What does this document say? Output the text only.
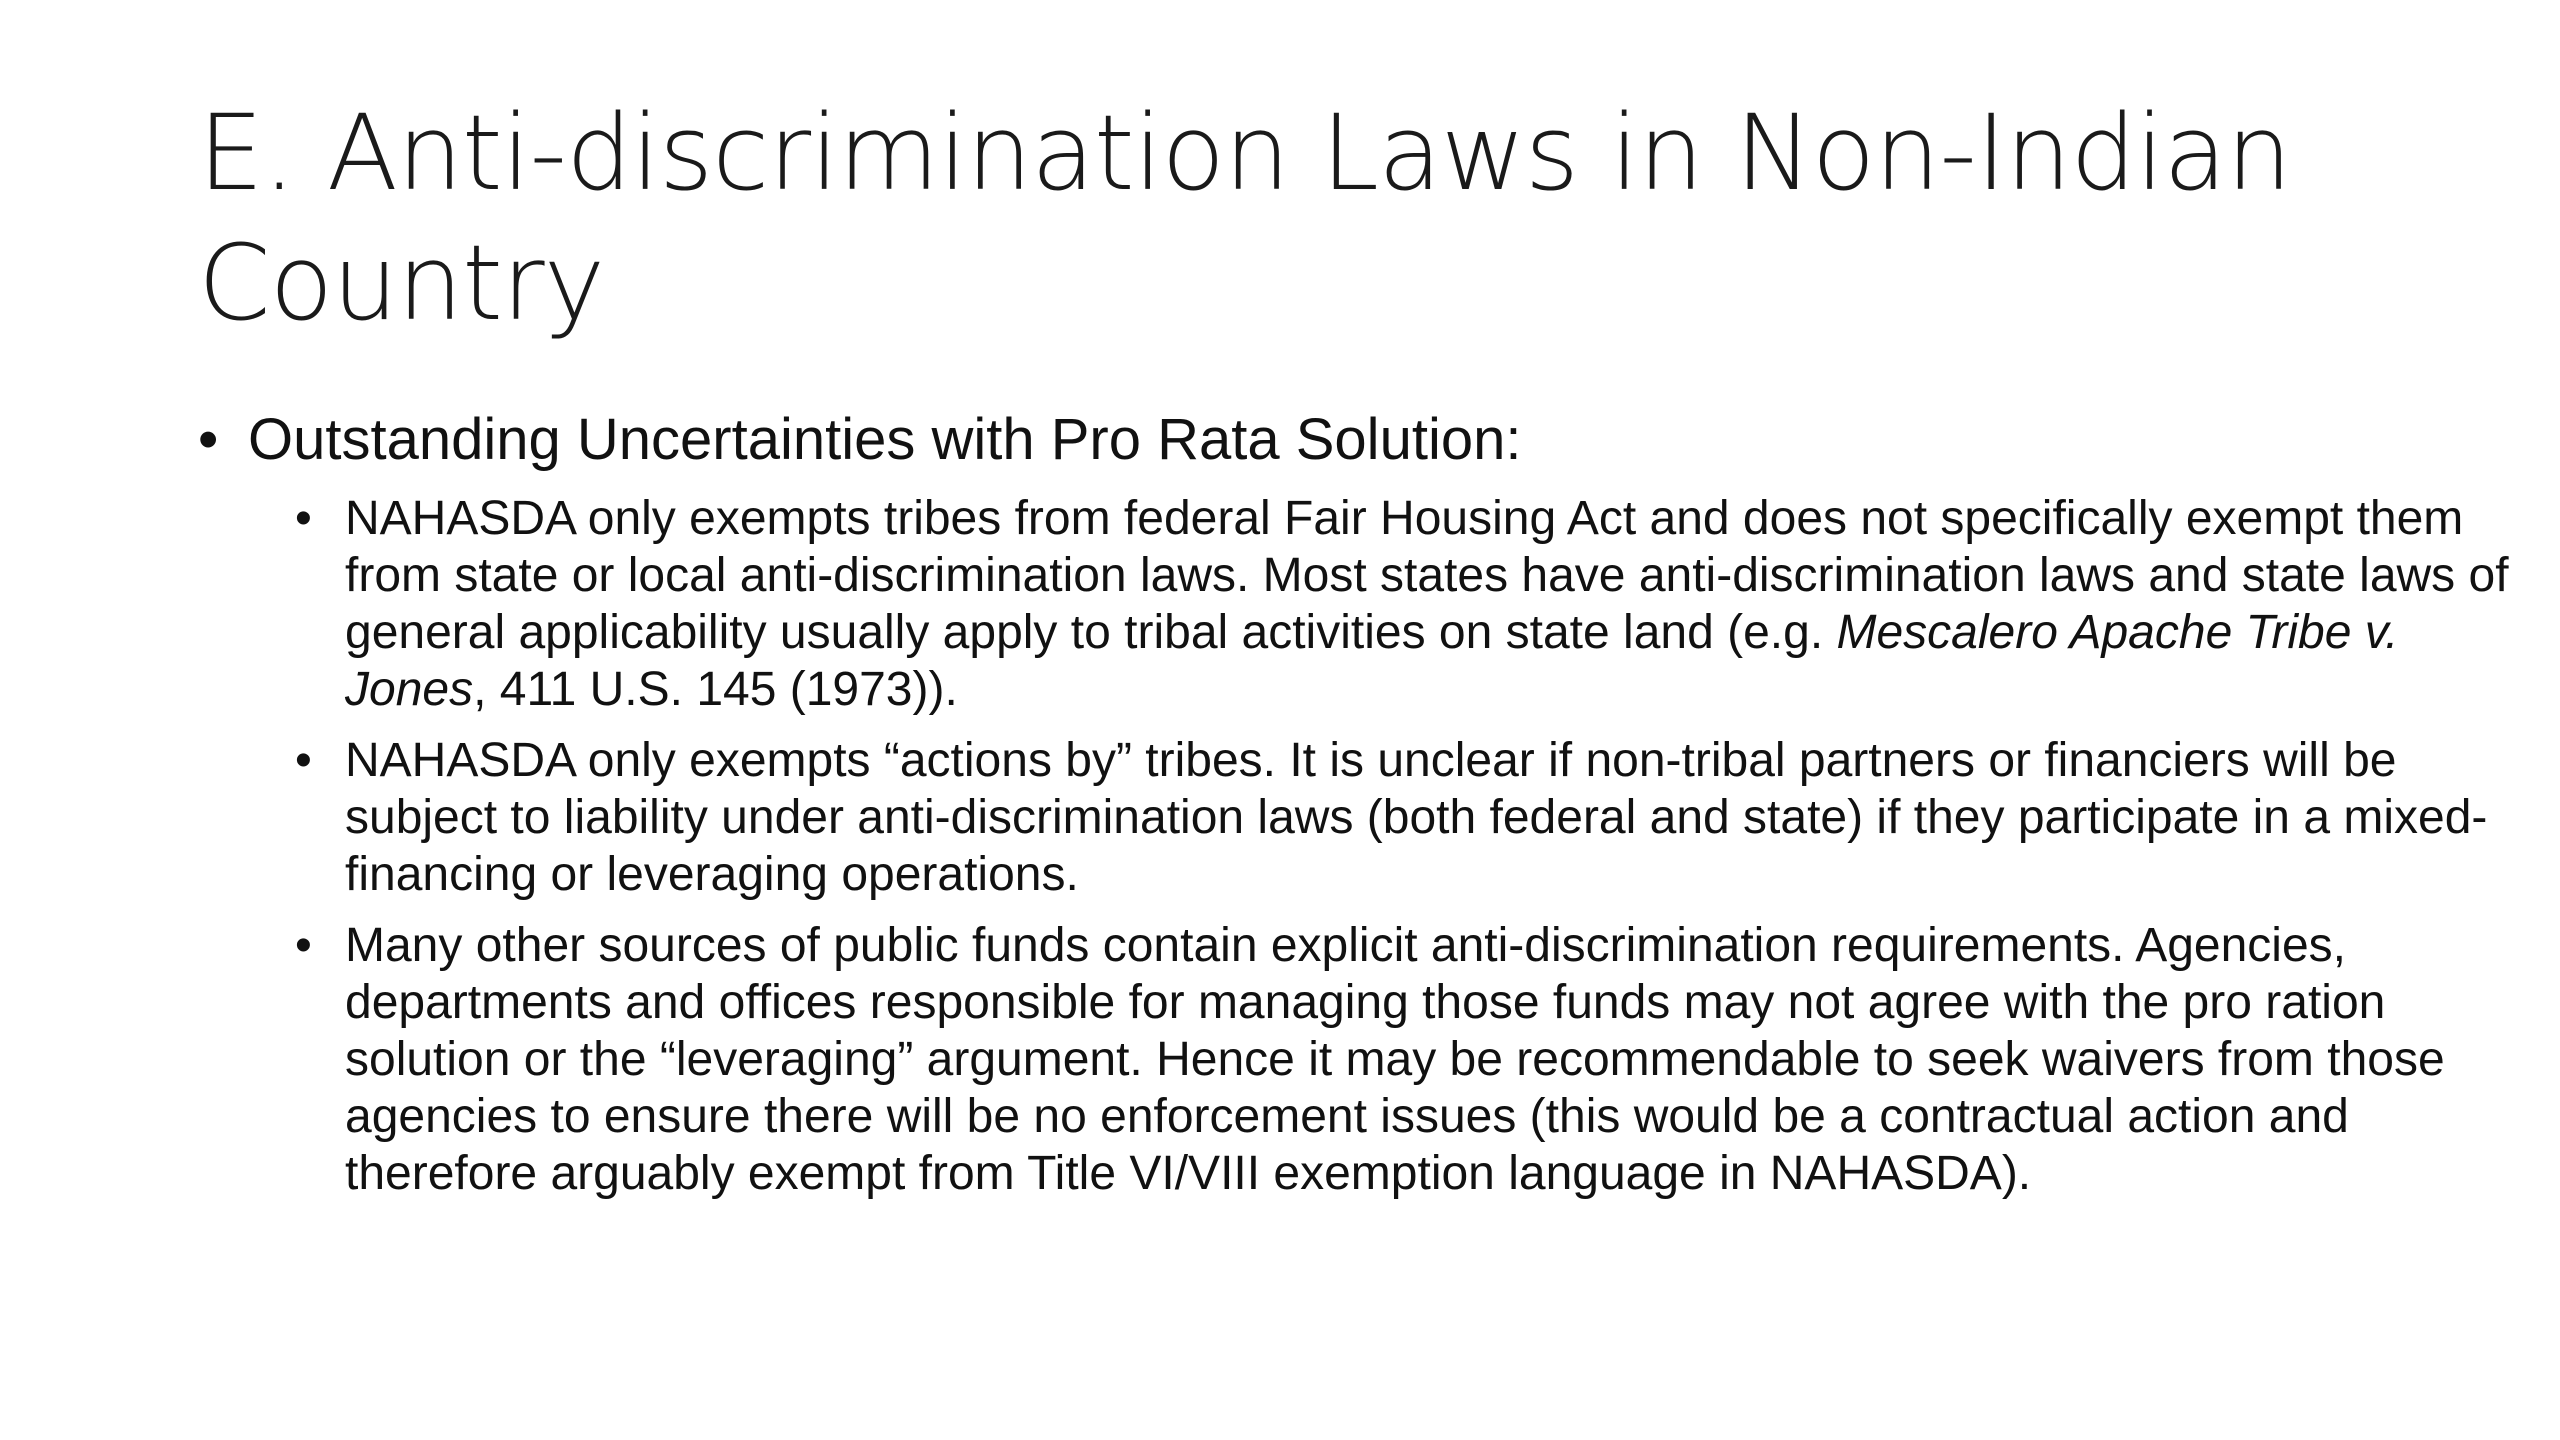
E. Anti-discrimination Laws in Non-Indian Country
• Outstanding Uncertainties with Pro Rata Solution:
• NAHASDA only exempts tribes from federal Fair Housing Act and does not specifically exempt them from state or local anti-discrimination laws. Most states have anti-discrimination laws and state laws of general applicability usually apply to tribal activities on state land (e.g. Mescalero Apache Tribe v. Jones, 411 U.S. 145 (1973)).
• NAHASDA only exempts “actions by” tribes. It is unclear if non-tribal partners or financiers will be subject to liability under anti-discrimination laws (both federal and state) if they participate in a mixed-financing or leveraging operations.
• Many other sources of public funds contain explicit anti-discrimination requirements. Agencies, departments and offices responsible for managing those funds may not agree with the pro ration solution or the “leveraging” argument. Hence it may be recommendable to seek waivers from those agencies to ensure there will be no enforcement issues (this would be a contractual action and therefore arguably exempt from Title VI/VIII exemption language in NAHASDA).
